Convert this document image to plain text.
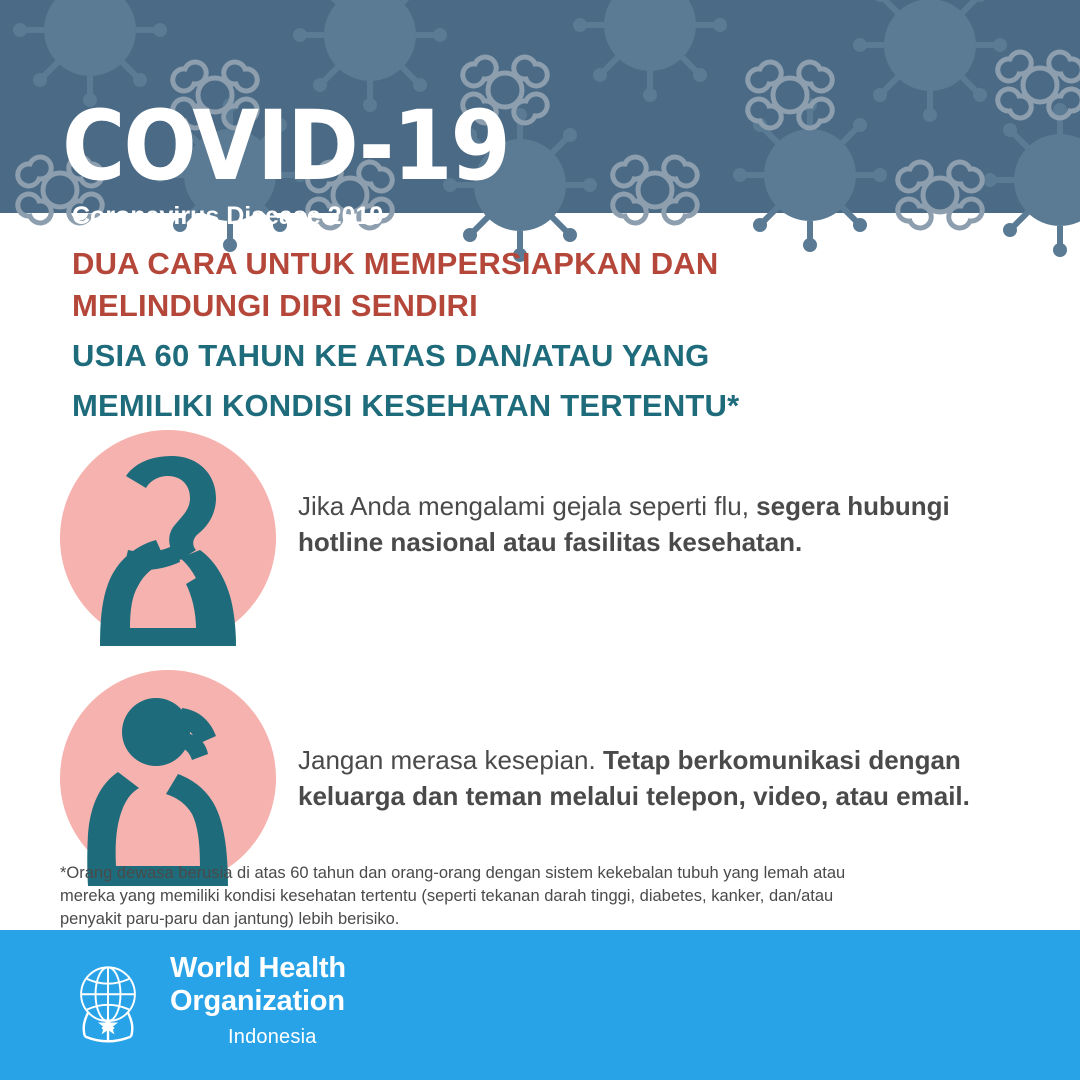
COVID-19
Coronavirus Disease 2019
DUA CARA UNTUK MEMPERSIAPKAN DAN
MELINDUNGI DIRI SENDIRI
USIA 60 TAHUN KE ATAS DAN/ATAU YANG
MEMILIKI KONDISI KESEHATAN TERTENTU*
Jika Anda mengalami gejala seperti flu, segera hubungi hotline nasional atau fasilitas kesehatan.
Jangan merasa kesepian. Tetap berkomunikasi dengan keluarga dan teman melalui telepon, video, atau email.
*Orang dewasa berusia di atas 60 tahun dan orang-orang dengan sistem kekebalan tubuh yang lemah atau mereka yang memiliki kondisi kesehatan tertentu (seperti tekanan darah tinggi, diabetes, kanker, dan/atau penyakit paru-paru dan jantung) lebih berisiko.
World Health
Organization
Indonesia
